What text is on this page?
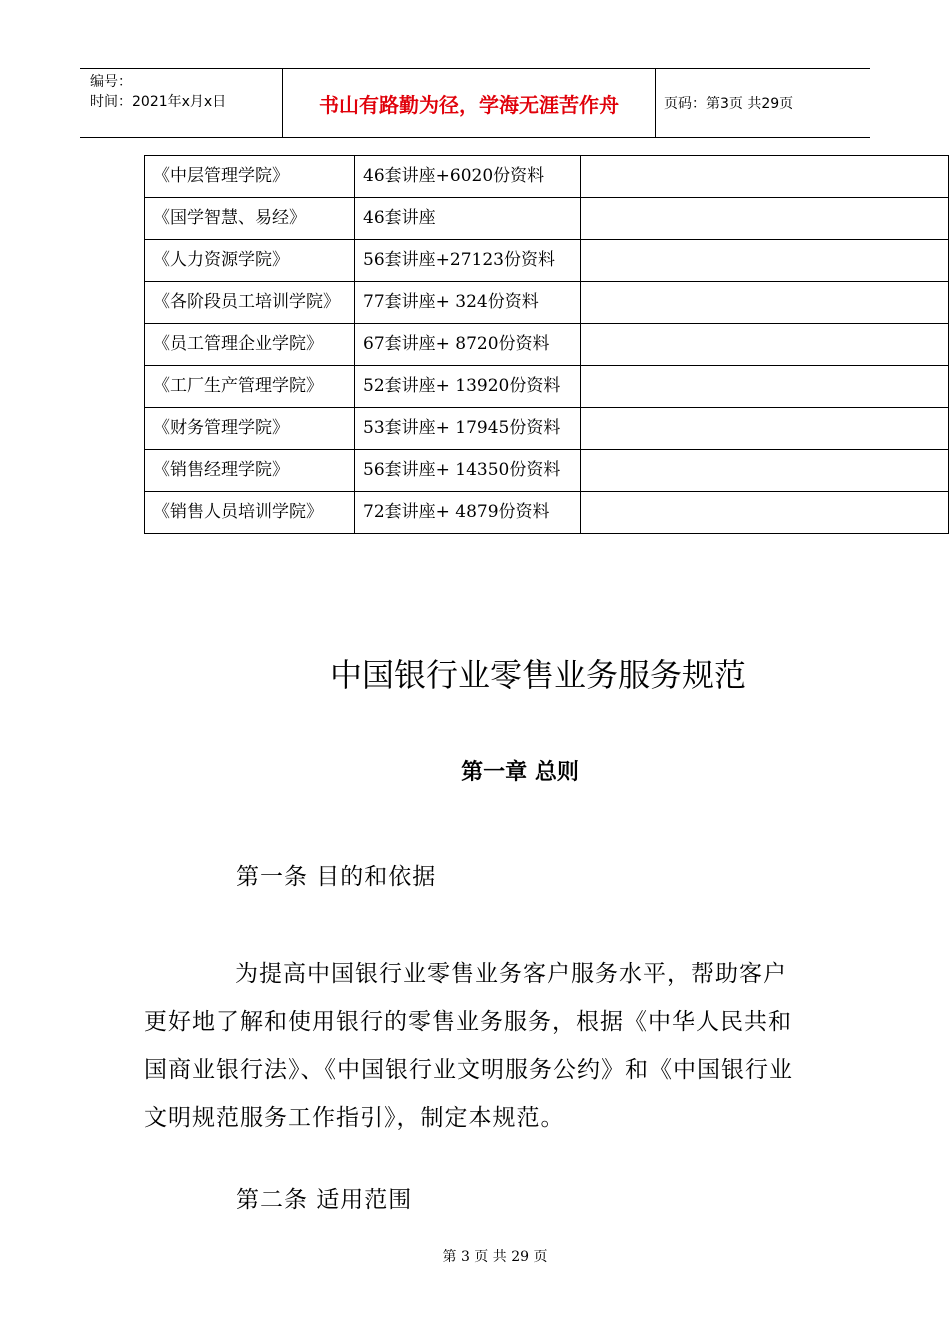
编号：
时间：2021年x月x日	书山有路勤为径，学海无涯苦作舟	页码：第3页 共29页
《中层管理学院》	46套讲座+6020份资料	
《国学智慧、易经》	46套讲座	
《人力资源学院》	56套讲座+27123份资料	
《各阶段员工培训学院》	77套讲座+ 324份资料	
《员工管理企业学院》	67套讲座+ 8720份资料	
《工厂生产管理学院》	52套讲座+ 13920份资料	
《财务管理学院》	53套讲座+ 17945份资料	
《销售经理学院》	56套讲座+ 14350份资料	
《销售人员培训学院》	72套讲座+ 4879份资料	
中国银行业零售业务服务规范
第一章 总则
第一条 目的和依据

为提高中国银行业零售业务客户服务水平，帮助客户更好地了解和使用银行的零售业务服务，根据《中华人民共和国商业银行法》、《中国银行业文明服务公约》和《中国银行业文明规范服务工作指引》，制定本规范。

第二条 适用范围
第 3 页 共 29 页
